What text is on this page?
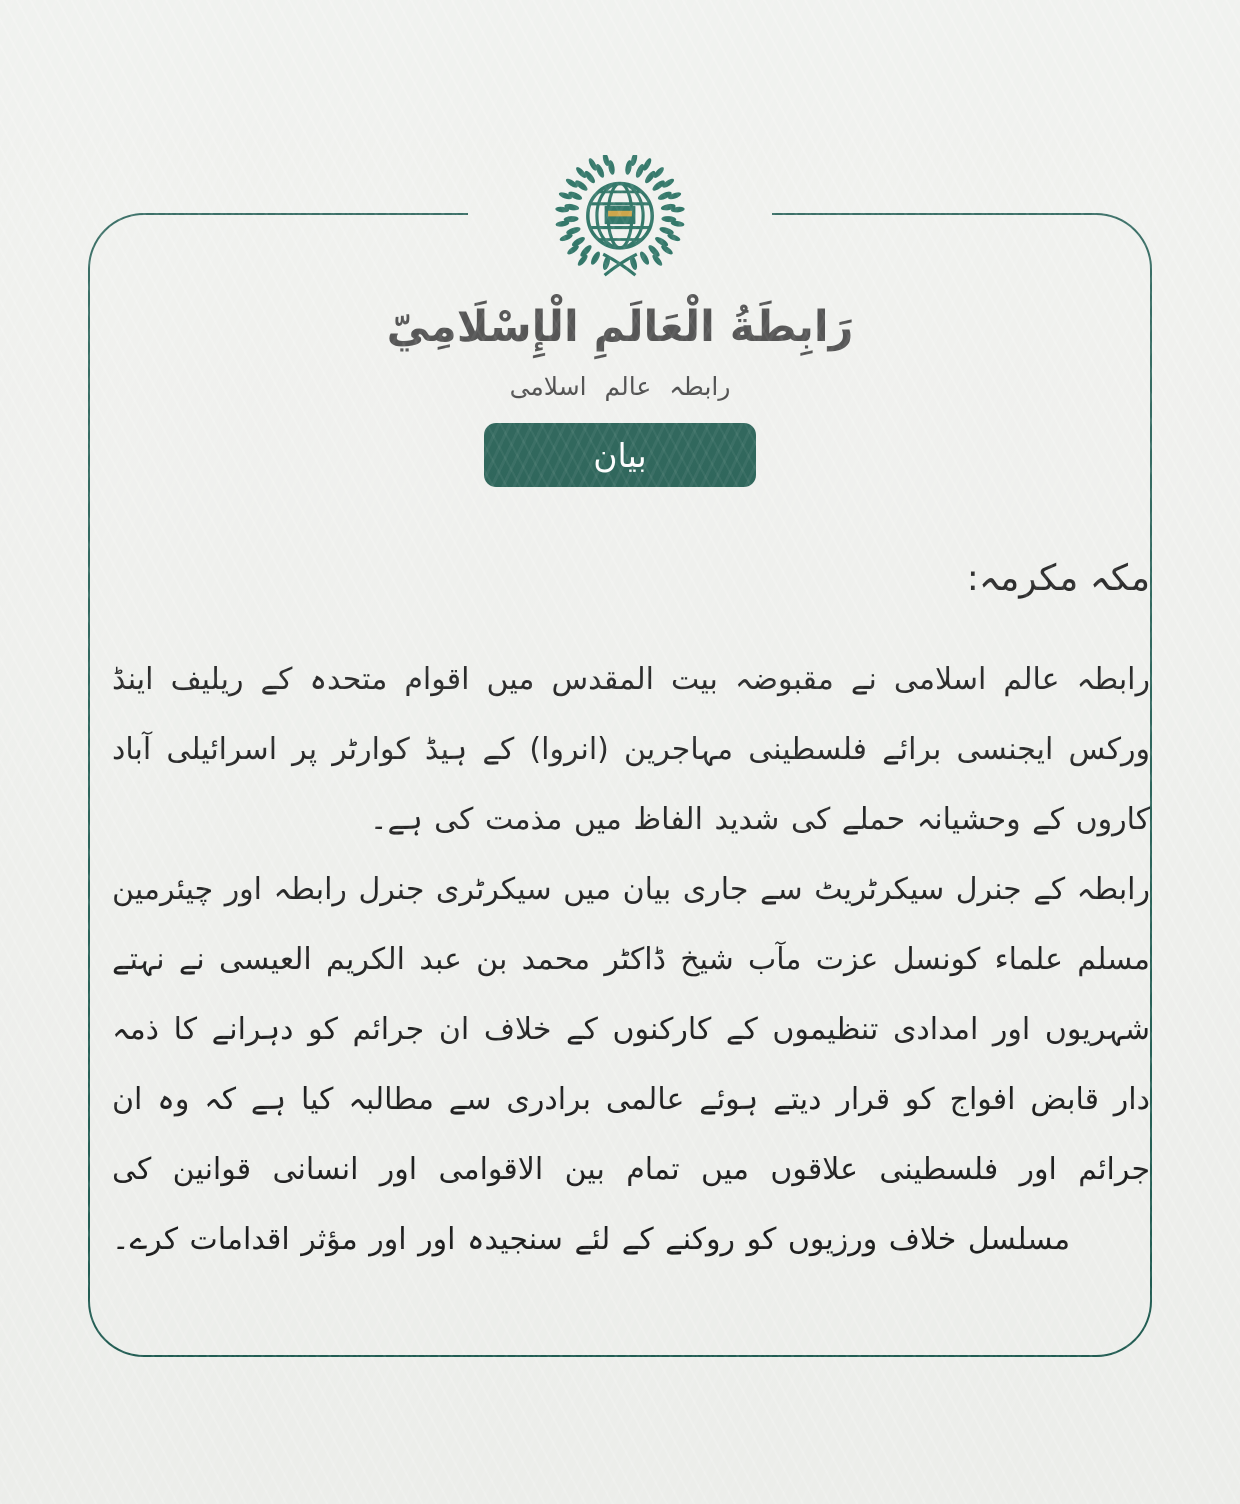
رَابِطَةُ الْعَالَمِ الْإِسْلَامِيّ
رابطہ عالم اسلامی
بیان

مکہ مکرمہ:

رابطہ عالم اسلامی نے مقبوضہ بیت المقدس میں اقوام متحدہ کے ریلیف اینڈ ورکس ایجنسی برائے فلسطینی مہاجرین (انروا) کے ہیڈ کوارٹر پر اسرائیلی آباد کاروں کے وحشیانہ حملے کی شدید الفاظ میں مذمت کی ہے۔

رابطہ کے جنرل سیکرٹریٹ سے جاری بیان میں سیکرٹری جنرل رابطہ اور چیئرمین مسلم علماء کونسل عزت مآب شیخ ڈاکٹر محمد بن عبد الکریم العیسی نے نہتے شہریوں اور امدادی تنظیموں کے کارکنوں کے خلاف ان جرائم کو دہرانے کا ذمہ دار قابض افواج کو قرار دیتے ہوئے عالمی برادری سے مطالبہ کیا ہے کہ وہ ان جرائم اور فلسطینی علاقوں میں تمام بین الاقوامی اور انسانی قوانین کی مسلسل خلاف ورزیوں کو روکنے کے لئے سنجیدہ اور اور مؤثر اقدامات کرے۔
